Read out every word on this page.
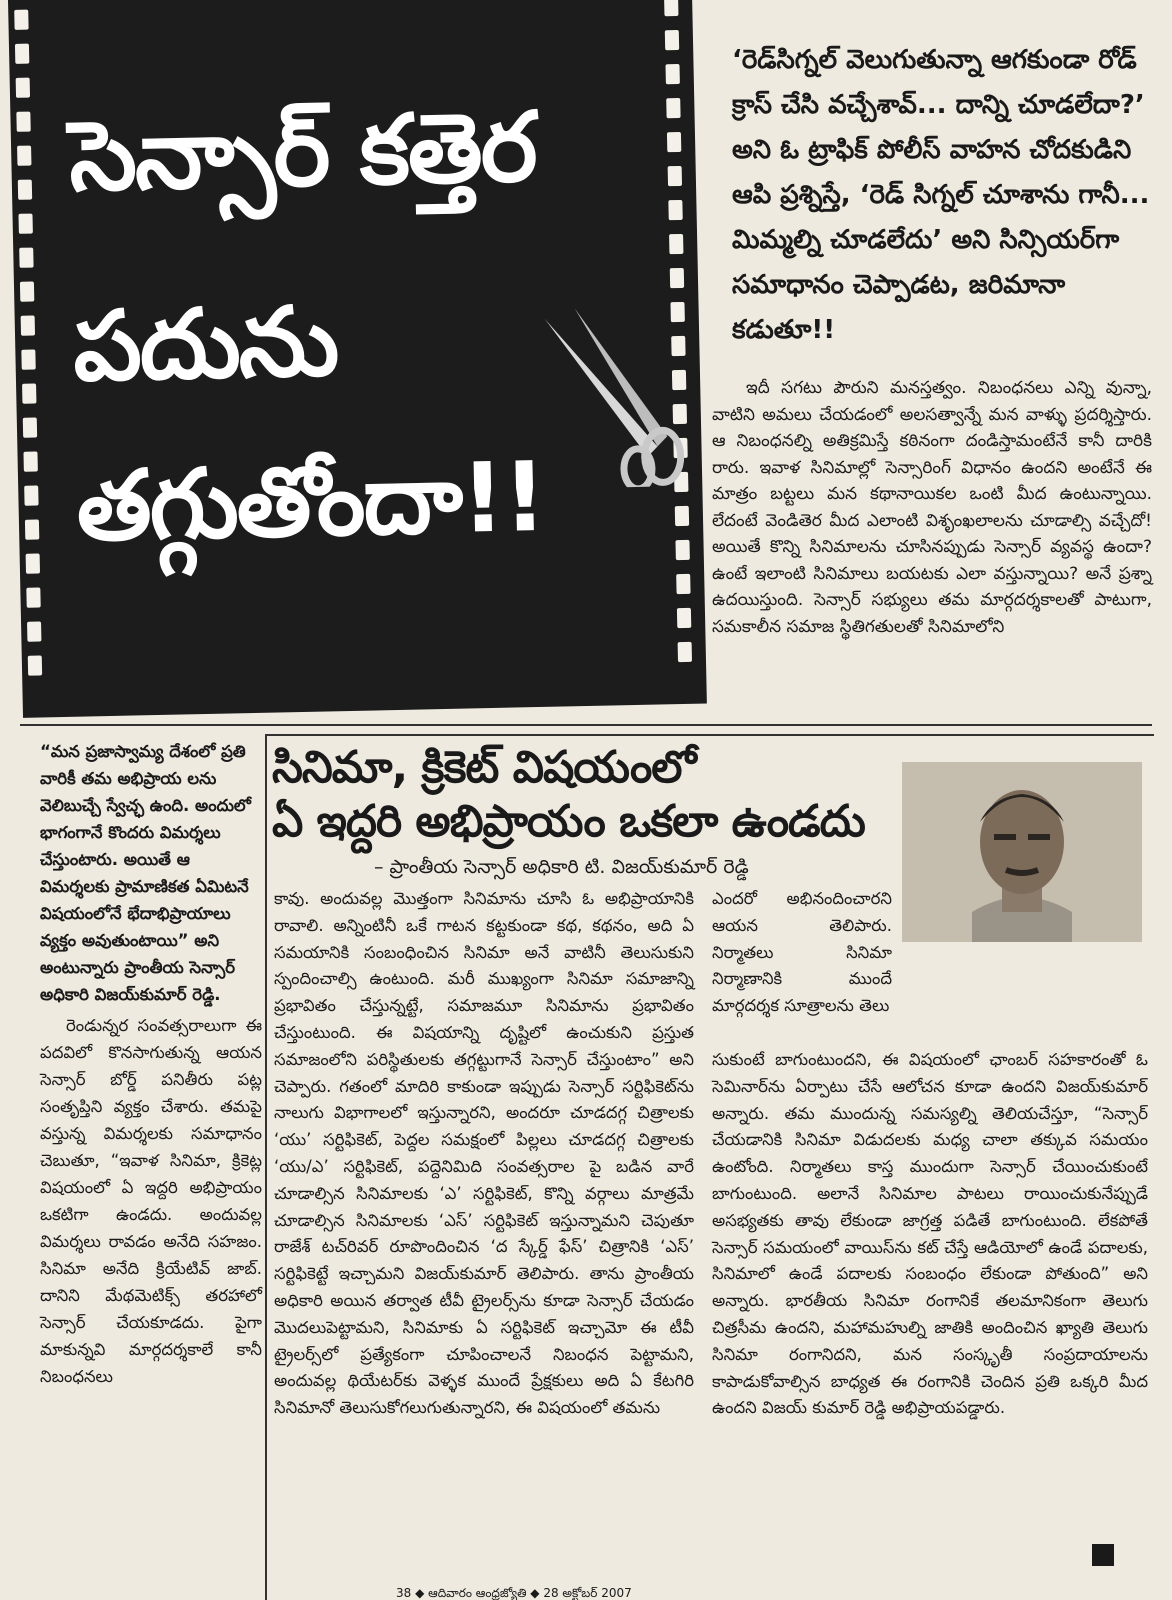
సెన్సార్ కత్తెర
పదును
తగ్గుతోందా!!

‘రెడ్‌సిగ్నల్ వెలుగుతున్నా ఆగకుండా రోడ్ క్రాస్ చేసి వచ్చేశావ్... దాన్ని చూడలేదా?’ అని ఓ ట్రాఫిక్ పోలీస్ వాహన చోదకుడిని ఆపి ప్రశ్నిస్తే, ‘రెడ్ సిగ్నల్ చూశాను గానీ... మిమ్మల్ని చూడలేదు’ అని సిన్సియర్‌గా సమాధానం చెప్పాడట, జరిమానా కడుతూ!!

ఇదీ సగటు పౌరుని మనస్తత్వం. నిబంధనలు ఎన్ని వున్నా, వాటిని అమలు చేయడంలో అలసత్వాన్నే మన వాళ్ళు ప్రదర్శిస్తారు. ఆ నిబంధనల్ని అతిక్రమిస్తే కఠినంగా దండిస్తామంటేనే కానీ దారికి రారు. ఇవాళ సినిమాల్లో సెన్సారింగ్ విధానం ఉందని అంటేనే ఈ మాత్రం బట్టలు మన కథానాయికల ఒంటి మీద ఉంటున్నాయి. లేదంటే వెండితెర మీద ఎలాంటి విశృంఖలాలను చూడాల్సి వచ్చేదో! అయితే కొన్ని సినిమాలను చూసినప్పుడు సెన్సార్ వ్యవస్థ ఉందా? ఉంటే ఇలాంటి సినిమాలు బయటకు ఎలా వస్తున్నాయి? అనే ప్రశ్నా ఉదయిస్తుంది. సెన్సార్ సభ్యులు తమ మార్గదర్శకాలతో పాటుగా, సమకాలీన సమాజ స్థితిగతులతో సినిమాలోని

“మన ప్రజాస్వామ్య దేశంలో ప్రతి వారికీ తమ అభిప్రాయ లను వెలిబుచ్చే స్వేచ్ఛ ఉంది. అందులో భాగంగానే కొందరు విమర్శలు చేస్తుంటారు. అయితే ఆ విమర్శలకు ప్రామాణికత ఏమిటనే విషయంలోనే భేదాభిప్రాయాలు వ్యక్తం అవుతుంటాయి” అని అంటున్నారు ప్రాంతీయ సెన్సార్ అధికారి విజయ్‌కుమార్ రెడ్డి.

రెండున్నర సంవత్సరాలుగా ఈ పదవిలో కొనసాగుతున్న ఆయన సెన్సార్ బోర్డ్ పనితీరు పట్ల సంతృప్తిని వ్యక్తం చేశారు. తమపై వస్తున్న విమర్శలకు సమాధానం చెబుతూ, “ఇవాళ సినిమా, క్రికెట్ల విషయంలో ఏ ఇద్దరి అభిప్రాయం ఒకటిగా ఉండదు. అందువల్ల విమర్శలు రావడం అనేది సహజం. సినిమా అనేది క్రియేటివ్ జాబ్. దానిని మేథమెటిక్స్ తరహాలో సెన్సార్ చేయకూడదు. పైగా మాకున్నవి మార్గదర్శకాలే కానీ నిబంధనలు

సినిమా, క్రికెట్ విషయంలో
ఏ ఇద్దరి అభిప్రాయం ఒకలా ఉండదు
– ప్రాంతీయ సెన్సార్ అధికారి టి. విజయ్‌కుమార్ రెడ్డి

కావు. అందువల్ల మొత్తంగా సినిమాను చూసి ఓ అభిప్రాయానికి రావాలి. అన్నింటినీ ఒకే గాటన కట్టకుండా కథ, కథనం, అది ఏ సమయానికి సంబంధించిన సినిమా అనే వాటినీ తెలుసుకుని స్పందించాల్సి ఉంటుంది. మరీ ముఖ్యంగా సినిమా సమాజాన్ని ప్రభావితం చేస్తున్నట్టే, సమాజమూ సినిమాను ప్రభావితం చేస్తుంటుంది. ఈ విషయాన్ని దృష్టిలో ఉంచుకుని ప్రస్తుత సమాజంలోని పరిస్థితులకు తగ్గట్టుగానే సెన్సార్ చేస్తుంటాం” అని చెప్పారు. గతంలో మాదిరి కాకుండా ఇప్పుడు సెన్సార్ సర్టిఫికెట్‌ను నాలుగు విభాగాలలో ఇస్తున్నారని, అందరూ చూడదగ్గ చిత్రాలకు ‘యు’ సర్టిఫికెట్, పెద్దల సమక్షంలో పిల్లలు చూడదగ్గ చిత్రాలకు ‘యు/ఎ’ సర్టిఫికెట్, పద్దెనిమిది సంవత్సరాల పై బడిన వారే చూడాల్సిన సినిమాలకు ‘ఎ’ సర్టిఫికెట్, కొన్ని వర్గాలు మాత్రమే చూడాల్సిన సినిమాలకు ‘ఎస్’ సర్టిఫికెట్ ఇస్తున్నామని చెపుతూ రాజేశ్ టచ్‌రివర్ రూపొందించిన ‘ద స్కేర్డ్ ఫేస్’ చిత్రానికి ‘ఎస్’ సర్టిఫికెట్టే ఇచ్చామని విజయ్‌కుమార్ తెలిపారు. తాను ప్రాంతీయ అధికారి అయిన తర్వాత టీవీ ట్రైలర్స్‌ను కూడా సెన్సార్ చేయడం మొదలుపెట్టామని, సినిమాకు ఏ సర్టిఫికెట్ ఇచ్చామో ఈ టీవీ ట్రైలర్స్‌లో ప్రత్యేకంగా చూపించాలనే నిబంధన పెట్టామని, అందువల్ల థియేటర్‌కు వెళ్ళక ముందే ప్రేక్షకులు అది ఏ కేటగిరి సినిమానో తెలుసుకోగలుగుతున్నారని, ఈ విషయంలో తమను

ఎందరో అభినందించారని ఆయన తెలిపారు. నిర్మాతలు సినిమా నిర్మాణానికి ముందే మార్గదర్శక సూత్రాలను తెలు

సుకుంటే బాగుంటుందని, ఈ విషయంలో ఛాంబర్ సహకారంతో ఓ సెమినార్‌ను ఏర్పాటు చేసే ఆలోచన కూడా ఉందని విజయ్‌కుమార్ అన్నారు. తమ ముందున్న సమస్యల్ని తెలియచేస్తూ, “సెన్సార్ చేయడానికి సినిమా విడుదలకు మధ్య చాలా తక్కువ సమయం ఉంటోంది. నిర్మాతలు కాస్త ముందుగా సెన్సార్ చేయించుకుంటే బాగుంటుంది. అలానే సినిమాల పాటలు రాయించుకునేప్పుడే అసభ్యతకు తావు లేకుండా జాగ్రత్త పడితే బాగుంటుంది. లేకపోతే సెన్సార్ సమయంలో వాయిస్‌ను కట్ చేస్తే ఆడియోలో ఉండే పదాలకు, సినిమాలో ఉండే పదాలకు సంబంధం లేకుండా పోతుంది” అని అన్నారు. భారతీయ సినిమా రంగానికే తలమానికంగా తెలుగు చిత్రసీమ ఉందని, మహామహుల్ని జాతికి అందించిన ఖ్యాతి తెలుగు సినిమా రంగానిదని, మన సంస్కృతీ సంప్రదాయాలను కాపాడుకోవాల్సిన బాధ్యత ఈ రంగానికి చెందిన ప్రతి ఒక్కరి మీద ఉందని విజయ్ కుమార్ రెడ్డి అభిప్రాయపడ్డారు.

38 ◆ ఆదివారం ఆంధ్రజ్యోతి ◆ 28 అక్టోబర్ 2007
